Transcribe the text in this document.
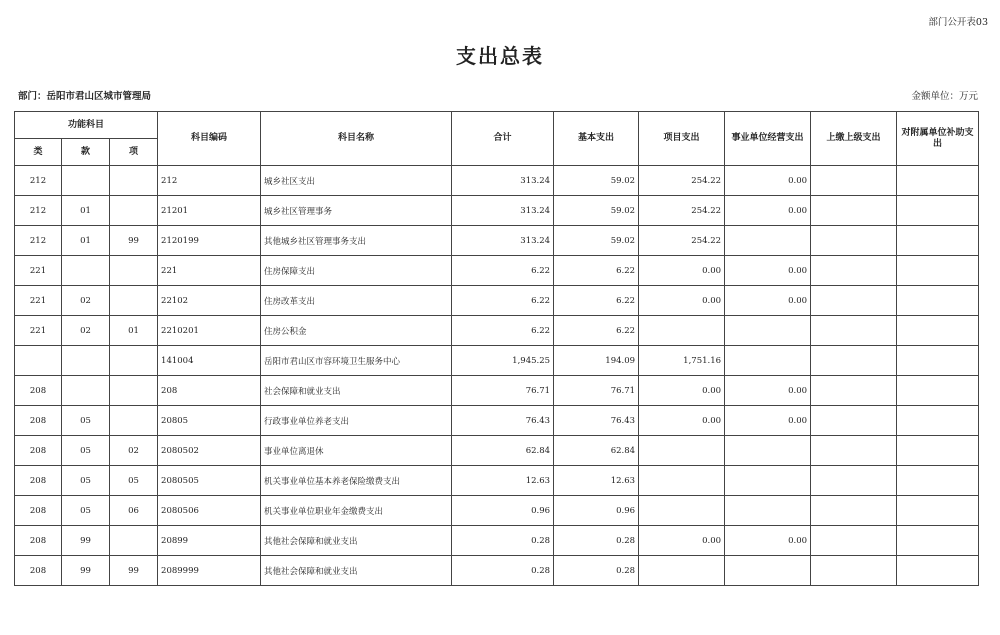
部门公开表03
支出总表
部门：岳阳市君山区城市管理局	金额单位：万元
功能科目			科目编码	科目名称	合计	基本支出	项目支出	事业单位经营支出	上缴上级支出	对附属单位补助支出
类	款	项								
212			212	城乡社区支出	313.24	59.02	254.22	0.00		
212	01		21201	城乡社区管理事务	313.24	59.02	254.22	0.00		
212	01	99	2120199	其他城乡社区管理事务支出	313.24	59.02	254.22			
221			221	住房保障支出	6.22	6.22	0.00	0.00		
221	02		22102	住房改革支出	6.22	6.22	0.00	0.00		
221	02	01	2210201	住房公积金	6.22	6.22				
			141004	岳阳市君山区市容环境卫生服务中心	1,945.25	194.09	1,751.16			
208			208	社会保障和就业支出	76.71	76.71	0.00	0.00		
208	05		20805	行政事业单位养老支出	76.43	76.43	0.00	0.00		
208	05	02	2080502	事业单位离退休	62.84	62.84				
208	05	05	2080505	机关事业单位基本养老保险缴费支出	12.63	12.63				
208	05	06	2080506	机关事业单位职业年金缴费支出	0.96	0.96				
208	99		20899	其他社会保障和就业支出	0.28	0.28	0.00	0.00		
208	99	99	2089999	其他社会保障和就业支出	0.28	0.28				
